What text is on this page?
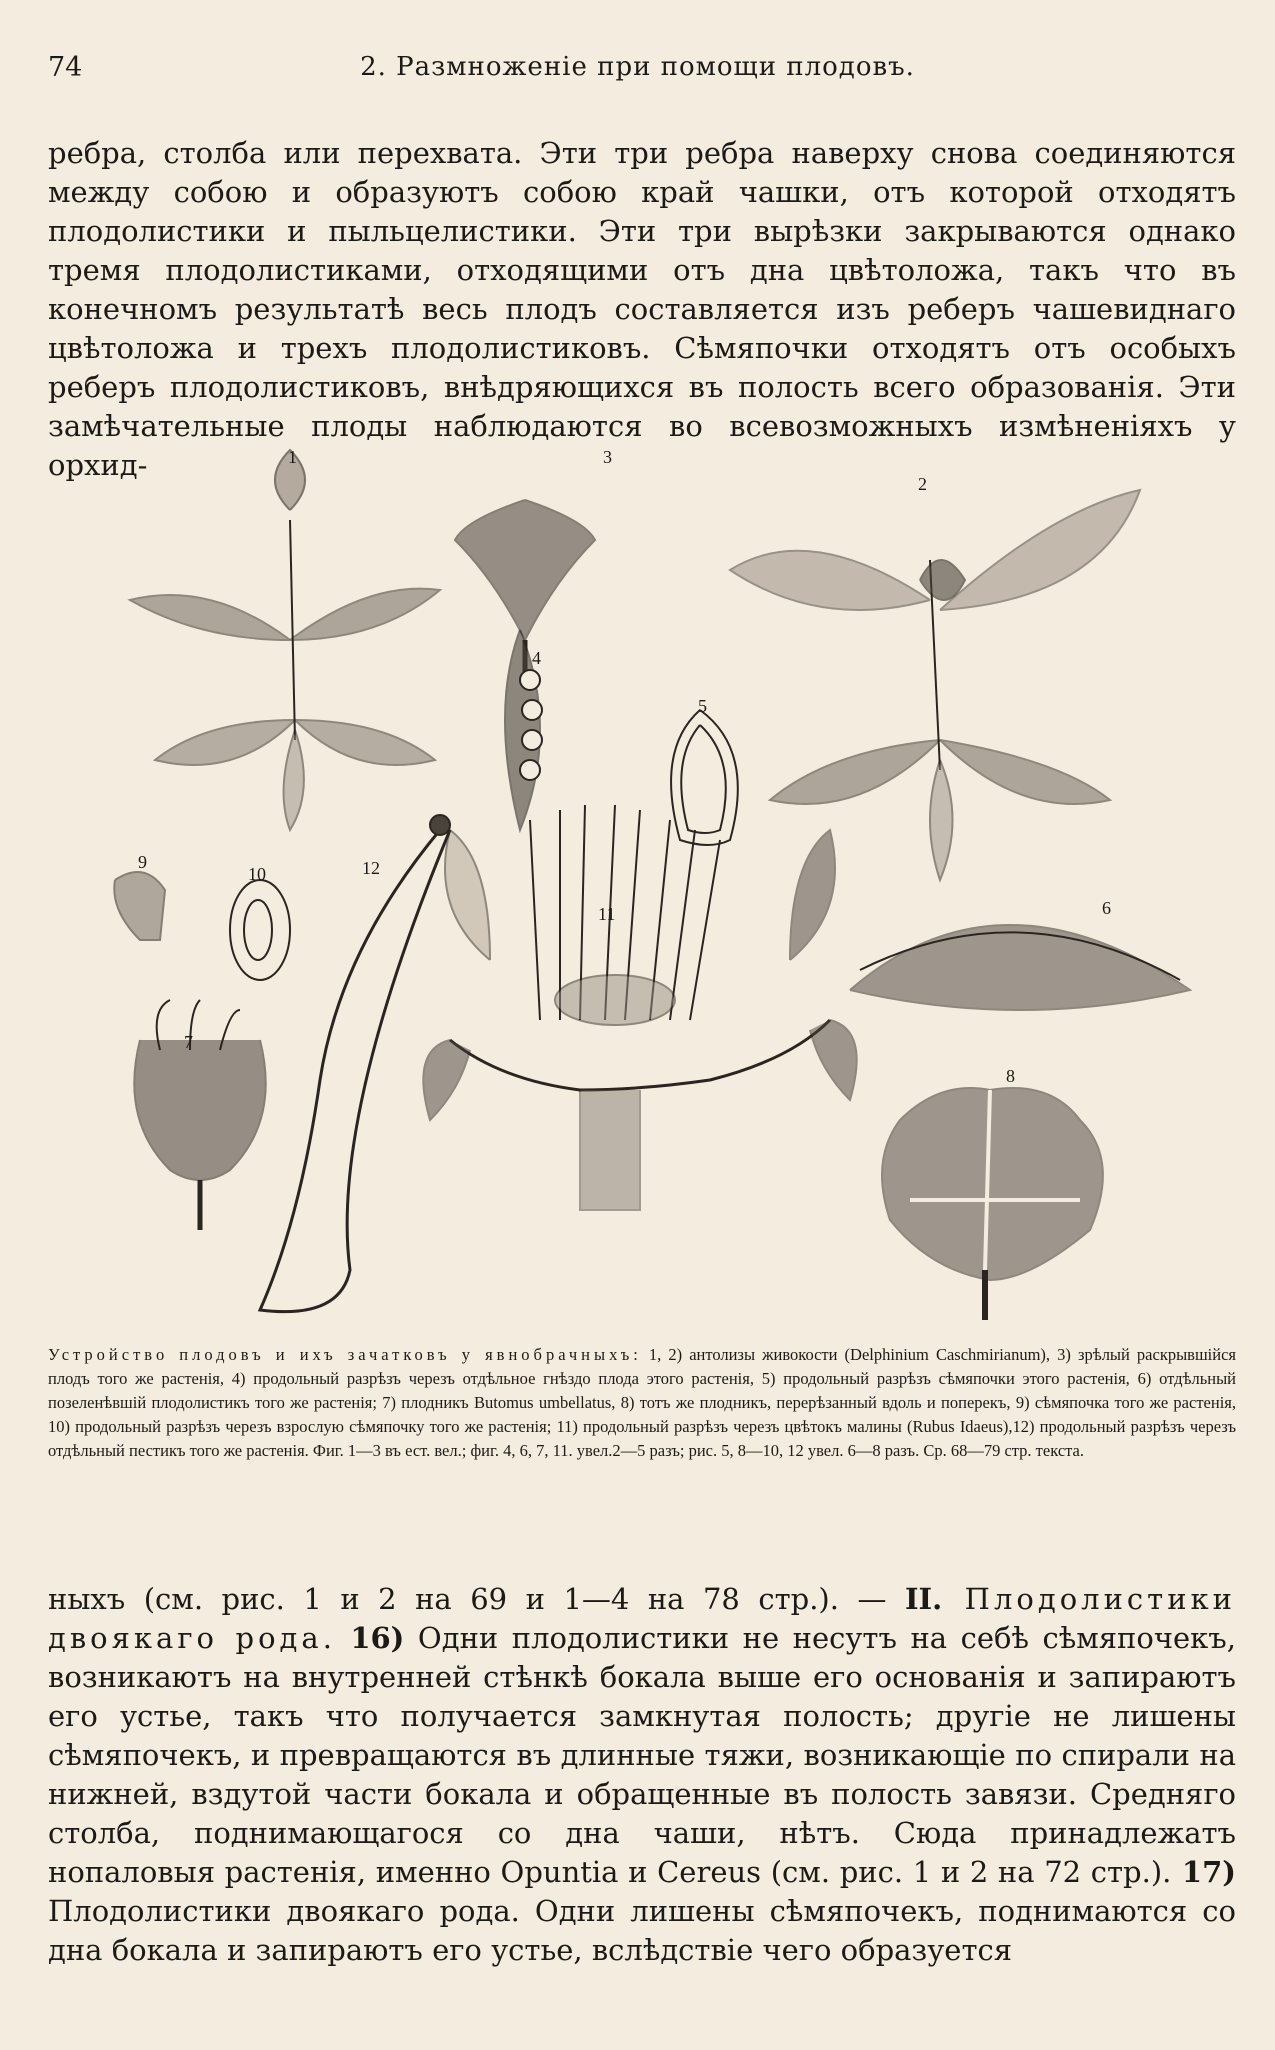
74	2. Размноженіе при помощи плодовъ.

ребра, столба или перехвата. Эти три ребра наверху снова соединяются между собою и образуютъ собою край чашки, отъ которой отходятъ плодолистики и пыльцелистики. Эти три вырѣзки закрываются однако тремя плодолистиками, отходящими отъ дна цвѣтоложа, такъ что въ конечномъ результатѣ весь плодъ составляется изъ реберъ чашевиднаго цвѣтоложа и трехъ плодолистиковъ. Сѣмяпочки отходятъ отъ особыхъ реберъ плодолистиковъ, внѣдряющихся въ полость всего образованія. Эти замѣчательные плоды наблюдаются во всевозможныхъ измѣненіяхъ у орхид-	1	3
2
4
5
9
10	12
11	6
7
8
Устройство плодовъ и ихъ зачатковъ у явнобрачныхъ: 1, 2) антолизы живокости (Delphinium Caschmirianum), 3) зрѣлый раскрывшійся плодъ того же растенія, 4) продольный разрѣзъ черезъ отдѣльное гнѣздо плода этого растенія, 5) продольный разрѣзъ сѣмяпочки этого растенія, 6) отдѣльный позеленѣвшій плодолистикъ того же растенія; 7) плодникъ Butomus umbellatus, 8) тотъ же плодникъ, перерѣзанный вдоль и поперекъ, 9) сѣмяпочка того же растенія, 10) продольный разрѣзъ черезъ взрослую сѣмяпочку того же растенія; 11) продольный разрѣзъ черезъ цвѣтокъ малины (Rubus Idaeus),12) продольный разрѣзъ черезъ отдѣльный пестикъ того же растенія. Фиг. 1—3 въ ест. вел.; фиг. 4, 6, 7, 11. увел.2—5 разъ; рис. 5, 8—10, 12 увел. 6—8 разъ. Ср. 68—79 стр. текста.

ныхъ (см. рис. 1 и 2 на 69 и 1—4 на 78 стр.). — II. Плодолистики двоякаго рода. 16) Одни плодолистики не несутъ на себѣ сѣмяпочекъ, возникаютъ на внутренней стѣнкѣ бокала выше его основанія и запираютъ его устье, такъ что получается замкнутая полость; другіе не лишены сѣмяпочекъ, и превращаются въ длинные тяжи, возникающіе по спирали на нижней, вздутой части бокала и обращенные въ полость завязи. Средняго столба, поднимающагося со дна чаши, нѣтъ. Сюда принадлежатъ нопаловыя растенія, именно Opuntia и Cereus (см. рис. 1 и 2 на 72 стр.). 17) Плодолистики двоякаго рода. Одни лишены сѣмяпочекъ, поднимаются со дна бокала и запираютъ его устье, вслѣдствіе чего образуется
